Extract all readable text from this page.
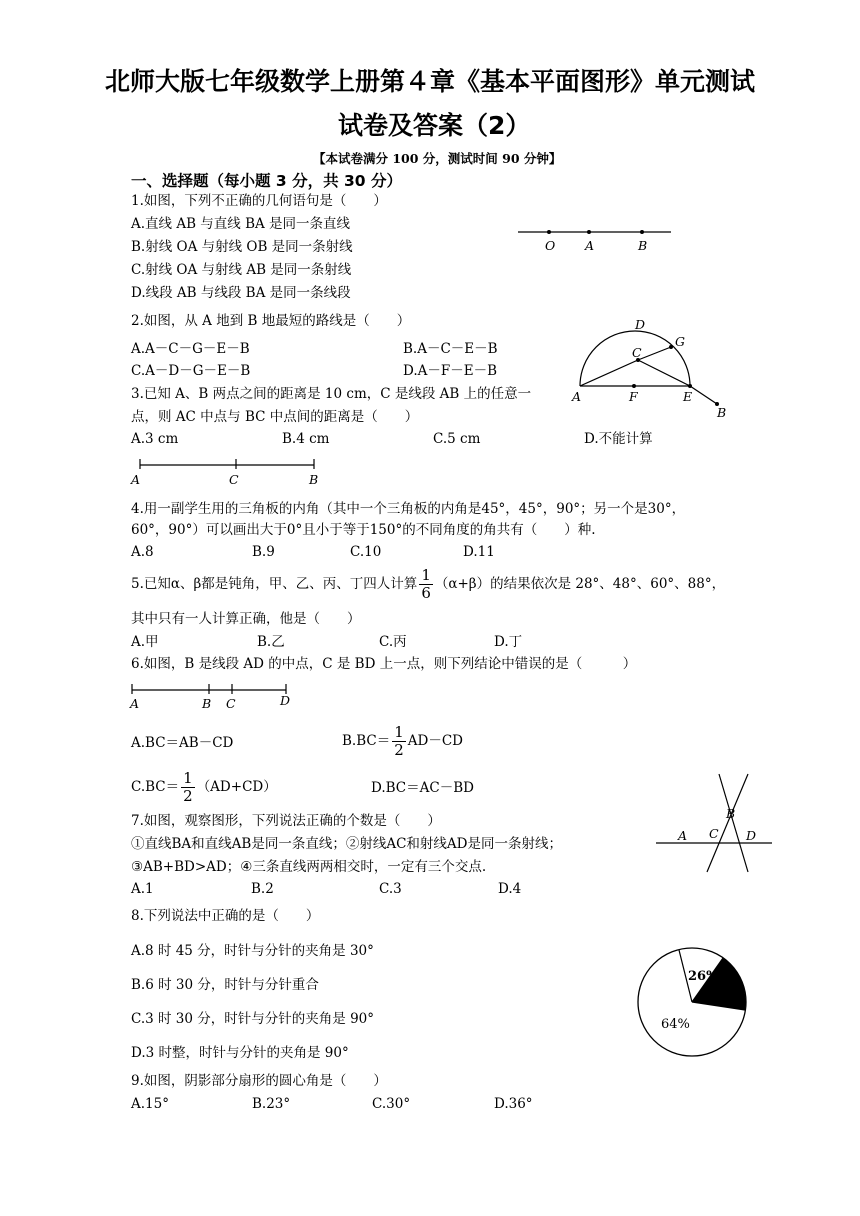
北师大版七年级数学上册第４章《基本平面图形》单元测试
试卷及答案（2）
【本试卷满分 100 分，测试时间 90 分钟】
一、选择题（每小题 3 分，共 30 分）
1.如图，下列不正确的几何语句是（　　）
A.直线 AB 与直线 BA 是同一条直线
B.射线 OA 与射线 OB 是同一条射线
C.射线 OA 与射线 AB 是同一条射线
D.线段 AB 与线段 BA 是同一条线段
O A	B
2.如图，从 A 地到 B 地最短的路线是（　　）
A.A－C－G－E－B	B.A－C－E－B
C.A－D－G－E－B	D.A－F－E－B
D
G
C
A	F	E
B
3.已知 A、B 两点之间的距离是 10 cm，C 是线段 AB 上的任意一
点，则 AC 中点与 BC 中点间的距离是（　　）
A.3 cm	B.4 cm	C.5 cm	D.不能计算
A	C	B
4.用一副学生用的三角板的内角（其中一个三角板的内角是45°，45°，90°；另一个是30°，
60°，90°）可以画出大于0°且小于等于150°的不同角度的角共有（　　）种.
A.8	B.9	C.10	D.11
5.已知α、β都是钝角，甲、乙、丙、丁四人计算 $\frac{1}{6} (\alpha+\beta)$的结果依次是 28°、48°、60°、88°，
其中只有一人计算正确，他是（　　）
A.甲	B.乙	C.丙	D.丁
6.如图，B 是线段 AD 的中点，C 是 BD 上一点，则下列结论中错误的是（　　　）
A	B C	D
A.BC＝AB－CD	$B.BC= \frac{1}{2} AD-CD$
$C.BC= \frac{1}{2} (AD+CD)$	D.BC＝AC－BD
7.如图，观察图形，下列说法正确的个数是（　　）
①直线BA和直线AB是同一条直线；②射线AC和射线AD是同一条射线；
③AB+BD>AD；④三条直线两两相交时，一定有三个交点.
A.1	B.2	C.3	D.4
B
A C D
8.下列说法中正确的是（　　）
A.8 时 45 分，时针与分针的夹角是 30°
B.6 时 30 分，时针与分针重合
C.3 时 30 分，时针与分针的夹角是 90°
D.3 时整，时针与分针的夹角是 90°
26%
64%
9.如图，阴影部分扇形的圆心角是（　　）
A.15°	B.23°	C.30°	D.36°
